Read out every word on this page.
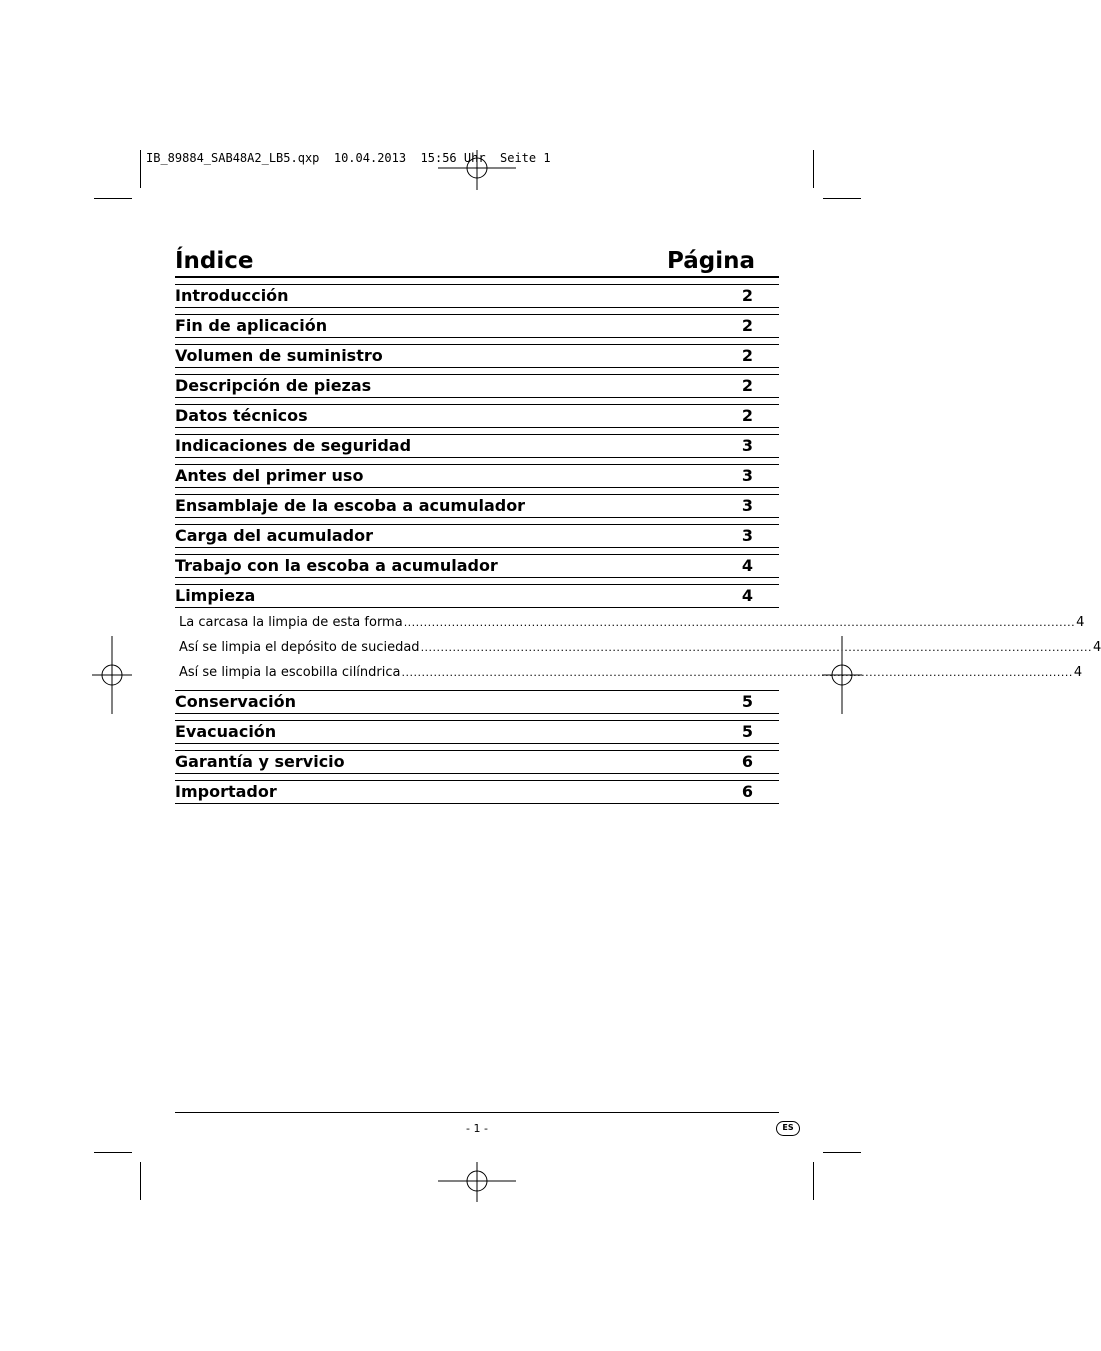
IB_89884_SAB48A2_LB5.qxp  10.04.2013  15:56 Uhr  Seite 1
Índice	Página
Introducción	2
Fin de aplicación	2
Volumen de suministro	2
Descripción de piezas	2
Datos técnicos	2
Indicaciones de seguridad	3
Antes del primer uso	3
Ensamblaje de la escoba a acumulador	3
Carga del acumulador	3
Trabajo con la escoba a acumulador	4
Limpieza	4
La carcasa la limpia de esta forma ........................................................................................................................................................................ 4
Así se limpia el depósito de suciedad ........................................................................................................................................................................ 4
Así se limpia la escobilla cilíndrica ........................................................................................................................................................................ 4
Conservación	5
Evacuación	5
Garantía y servicio	6
Importador	6
- 1 -	ES
